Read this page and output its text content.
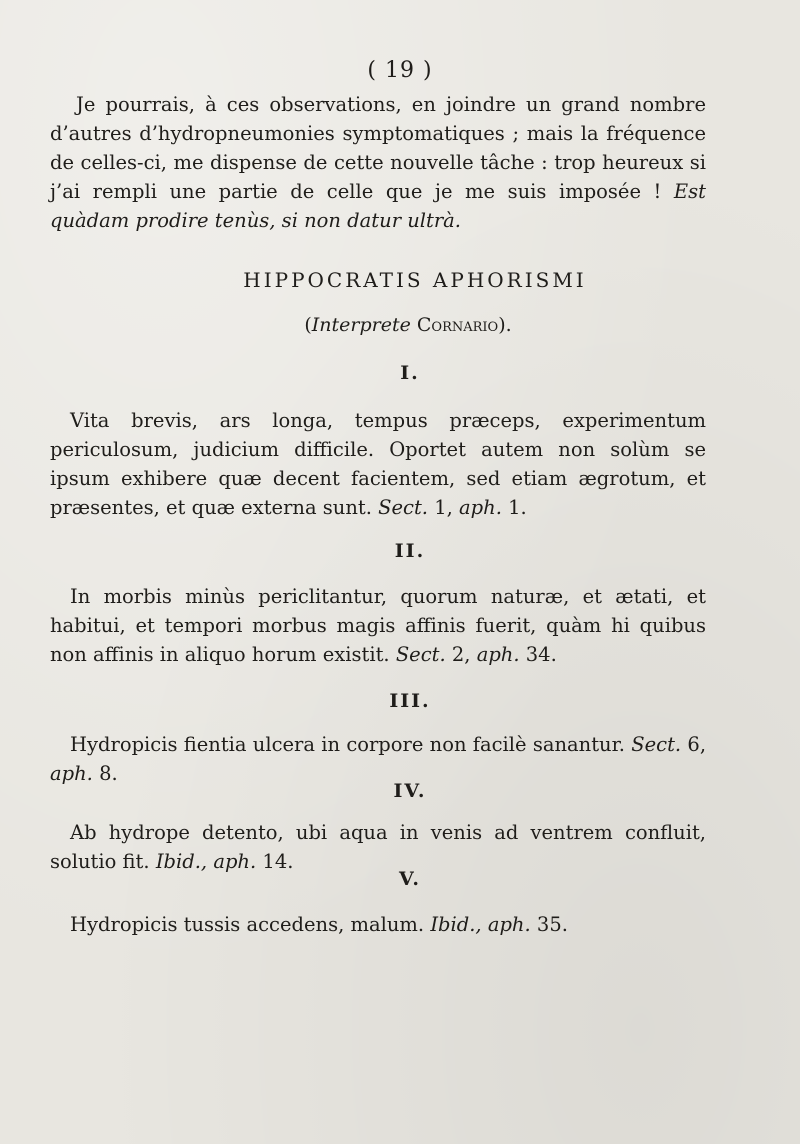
( 19 )

Je pourrais, à ces observations, en joindre un grand nombre d’autres d’hydropneumonies symptomatiques ; mais la fréquence de celles-ci, me dispense de cette nouvelle tâche : trop heureux si j’ai rempli une partie de celle que je me suis imposée ! Est quàdam prodire tenùs, si non datur ultrà.

HIPPOCRATIS APHORISMI
(Interprete Cornario).
I.

Vita brevis, ars longa, tempus præceps, experimentum periculosum, judicium difficile. Oportet autem non solùm se ipsum exhibere quæ decent facientem, sed etiam ægrotum, et præsentes, et quæ externa sunt. Sect. 1, aph. 1.

II.

In morbis minùs periclitantur, quorum naturæ, et ætati, et habitui, et tempori morbus magis affinis fuerit, quàm hi quibus non affinis in aliquo horum existit. Sect. 2, aph. 34.

III.

Hydropicis fientia ulcera in corpore non facilè sanantur. Sect. 6, aph. 8.

IV.

Ab hydrope detento, ubi aqua in venis ad ventrem confluit, solutio fit. Ibid., aph. 14.

V.

Hydropicis tussis accedens, malum. Ibid., aph. 35.
